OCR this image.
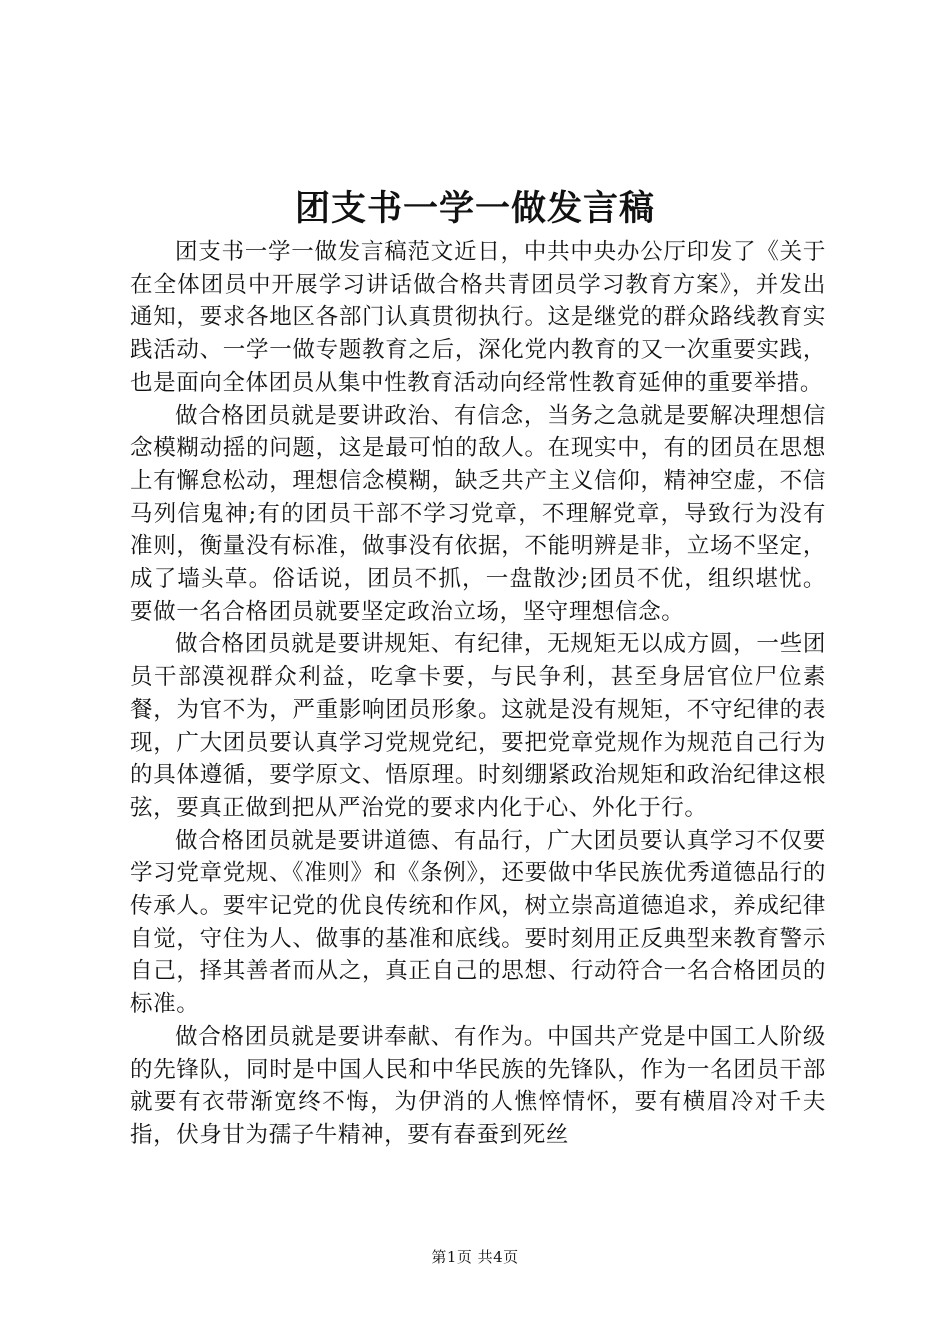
团支书一学一做发言稿

团支书一学一做发言稿范文近日，中共中央办公厅印发了《关于在全体团员中开展学习讲话做合格共青团员学习教育方案》，并发出通知，要求各地区各部门认真贯彻执行。这是继党的群众路线教育实践活动、一学一做专题教育之后，深化党内教育的又一次重要实践，也是面向全体团员从集中性教育活动向经常性教育延伸的重要举措。

做合格团员就是要讲政治、有信念，当务之急就是要解决理想信念模糊动摇的问题，这是最可怕的敌人。在现实中，有的团员在思想上有懈怠松动，理想信念模糊，缺乏共产主义信仰，精神空虚，不信马列信鬼神;有的团员干部不学习党章，不理解党章，导致行为没有准则，衡量没有标准，做事没有依据，不能明辨是非，立场不坚定，成了墙头草。俗话说，团员不抓，一盘散沙;团员不优，组织堪忧。要做一名合格团员就要坚定政治立场，坚守理想信念。

做合格团员就是要讲规矩、有纪律，无规矩无以成方圆，一些团员干部漠视群众利益，吃拿卡要，与民争利，甚至身居官位尸位素餐，为官不为，严重影响团员形象。这就是没有规矩，不守纪律的表现，广大团员要认真学习党规党纪，要把党章党规作为规范自己行为的具体遵循，要学原文、悟原理。时刻绷紧政治规矩和政治纪律这根弦，要真正做到把从严治党的要求内化于心、外化于行。

做合格团员就是要讲道德、有品行，广大团员要认真学习不仅要学习党章党规、《准则》和《条例》，还要做中华民族优秀道德品行的传承人。要牢记党的优良传统和作风，树立崇高道德追求，养成纪律自觉，守住为人、做事的基准和底线。要时刻用正反典型来教育警示自己，择其善者而从之，真正自己的思想、行动符合一名合格团员的标准。

做合格团员就是要讲奉献、有作为。中国共产党是中国工人阶级的先锋队，同时是中国人民和中华民族的先锋队，作为一名团员干部就要有衣带渐宽终不悔，为伊消的人憔悴情怀，要有横眉冷对千夫指，伏身甘为孺子牛精神，要有春蚕到死丝

第1页 共4页
